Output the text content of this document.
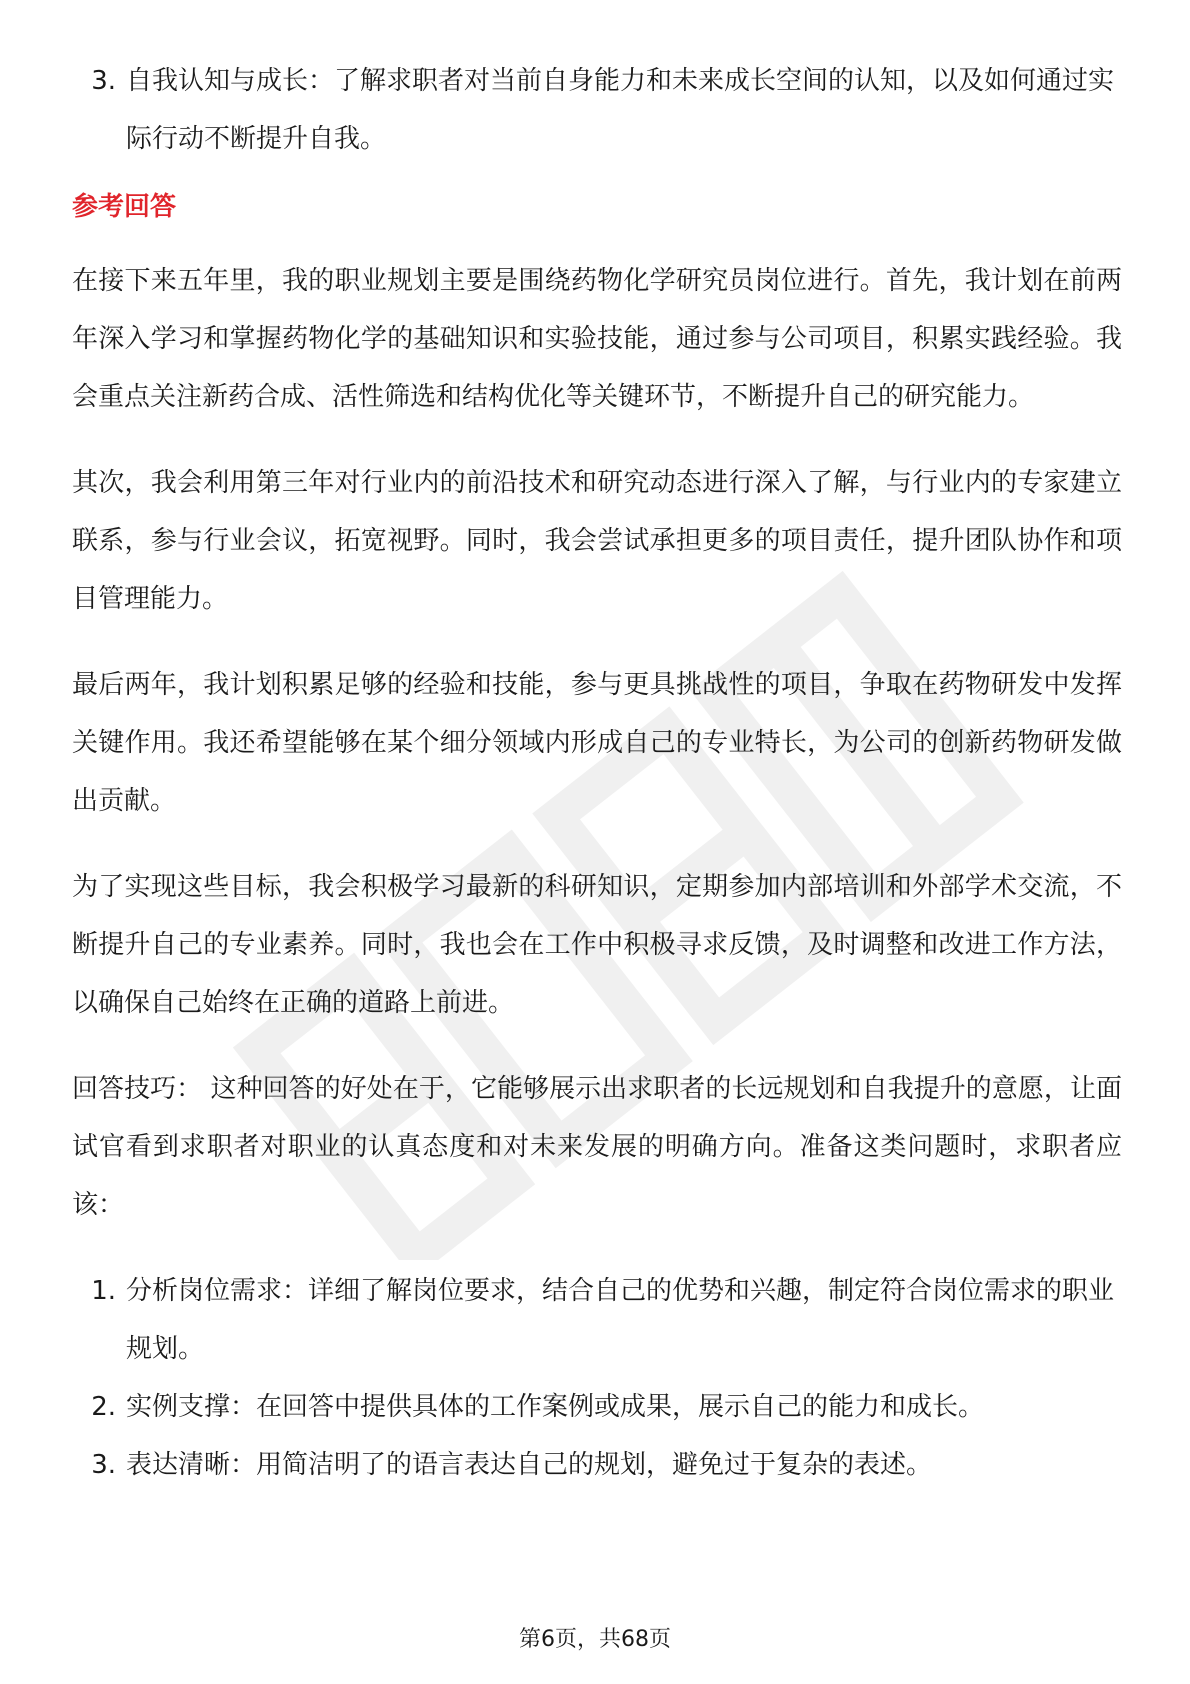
3. 自我认知与成长：了解求职者对当前自身能力和未来成长空间的认知，以及如何通过实际行动不断提升自我。
参考回答

在接下来五年里，我的职业规划主要是围绕药物化学研究员岗位进行。首先，我计划在前两年深入学习和掌握药物化学的基础知识和实验技能，通过参与公司项目，积累实践经验。我会重点关注新药合成、活性筛选和结构优化等关键环节，不断提升自己的研究能力。

其次，我会利用第三年对行业内的前沿技术和研究动态进行深入了解，与行业内的专家建立联系，参与行业会议，拓宽视野。同时，我会尝试承担更多的项目责任，提升团队协作和项目管理能力。

最后两年，我计划积累足够的经验和技能，参与更具挑战性的项目，争取在药物研发中发挥关键作用。我还希望能够在某个细分领域内形成自己的专业特长，为公司的创新药物研发做出贡献。

为了实现这些目标，我会积极学习最新的科研知识，定期参加内部培训和外部学术交流，不断提升自己的专业素养。同时，我也会在工作中积极寻求反馈，及时调整和改进工作方法，以确保自己始终在正确的道路上前进。

回答技巧： 这种回答的好处在于，它能够展示出求职者的长远规划和自我提升的意愿，让面试官看到求职者对职业的认真态度和对未来发展的明确方向。准备这类问题时，求职者应该：

1. 分析岗位需求：详细了解岗位要求，结合自己的优势和兴趣，制定符合岗位需求的职业规划。
2. 实例支撑：在回答中提供具体的工作案例或成果，展示自己的能力和成长。
3. 表达清晰：用简洁明了的语言表达自己的规划，避免过于复杂的表述。
第6页，共68页
